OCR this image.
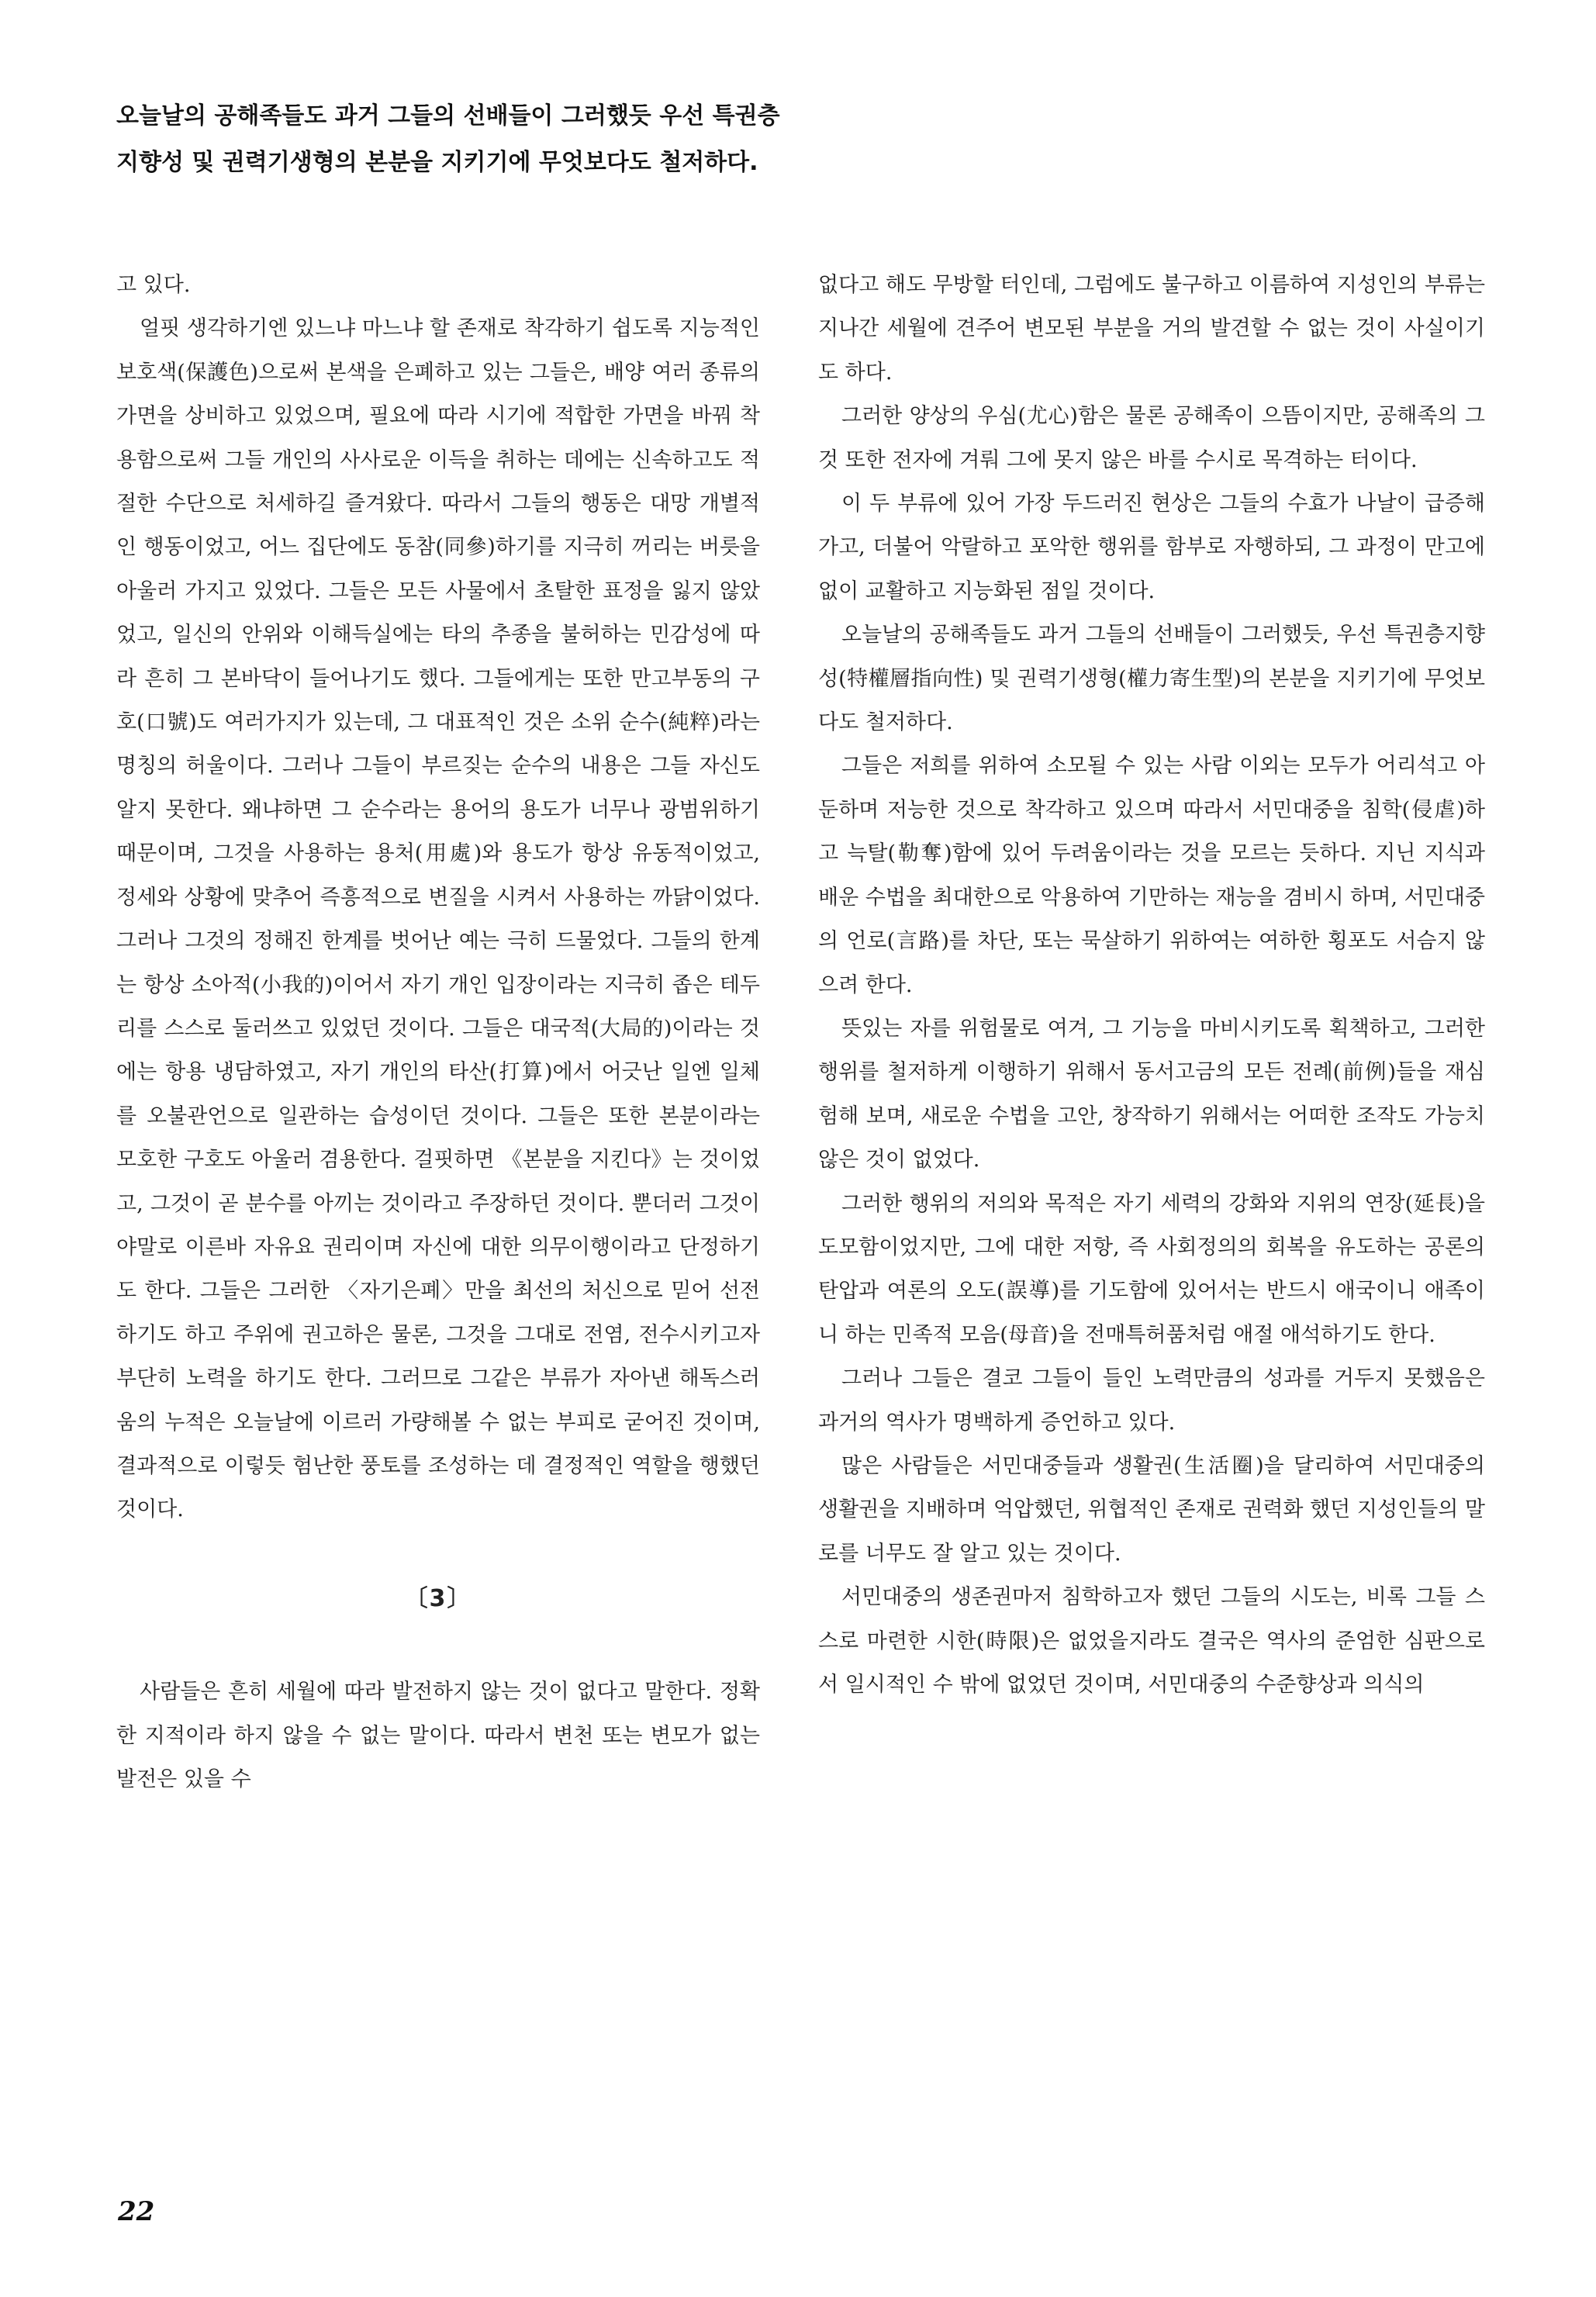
오늘날의 공해족들도 과거 그들의 선배들이 그러했듯 우선 특권층

지향성 및 권력기생형의 본분을 지키기에 무엇보다도 철저하다.

고 있다.

얼핏 생각하기엔 있느냐 마느냐 할 존재로 착각하기 쉽도록 지능적인 보호색(保護色)으로써 본색을 은폐하고 있는 그들은, 배양 여러 종류의 가면을 상비하고 있었으며, 필요에 따라 시기에 적합한 가면을 바꿔 착용함으로써 그들 개인의 사사로운 이득을 취하는 데에는 신속하고도 적절한 수단으로 처세하길 즐겨왔다. 따라서 그들의 행동은 대망 개별적인 행동이었고, 어느 집단에도 동참(同參)하기를 지극히 꺼리는 버릇을 아울러 가지고 있었다. 그들은 모든 사물에서 초탈한 표정을 잃지 않았었고, 일신의 안위와 이해득실에는 타의 추종을 불허하는 민감성에 따라 흔히 그 본바닥이 들어나기도 했다. 그들에게는 또한 만고부동의 구호(口號)도 여러가지가 있는데, 그 대표적인 것은 소위 순수(純粹)라는 명칭의 허울이다. 그러나 그들이 부르짖는 순수의 내용은 그들 자신도 알지 못한다. 왜냐하면 그 순수라는 용어의 용도가 너무나 광범위하기 때문이며, 그것을 사용하는 용처(用處)와 용도가 항상 유동적이었고, 정세와 상황에 맞추어 즉흥적으로 변질을 시켜서 사용하는 까닭이었다. 그러나 그것의 정해진 한계를 벗어난 예는 극히 드물었다. 그들의 한계는 항상 소아적(小我的)이어서 자기 개인 입장이라는 지극히 좁은 테두리를 스스로 둘러쓰고 있었던 것이다. 그들은 대국적(大局的)이라는 것에는 항용 냉담하였고, 자기 개인의 타산(打算)에서 어긋난 일엔 일체를 오불관언으로 일관하는 습성이던 것이다. 그들은 또한 본분이라는 모호한 구호도 아울러 겸용한다. 걸핏하면 《본분을 지킨다》는 것이었고, 그것이 곧 분수를 아끼는 것이라고 주장하던 것이다. 뿐더러 그것이야말로 이른바 자유요 권리이며 자신에 대한 의무이행이라고 단정하기도 한다. 그들은 그러한 〈자기은폐〉만을 최선의 처신으로 믿어 선전하기도 하고 주위에 권고하은 물론, 그것을 그대로 전염, 전수시키고자 부단히 노력을 하기도 한다. 그러므로 그같은 부류가 자아낸 해독스러움의 누적은 오늘날에 이르러 가량해볼 수 없는 부피로 굳어진 것이며, 결과적으로 이렇듯 험난한 풍토를 조성하는 데 결정적인 역할을 행했던 것이다.

〔3〕

사람들은 흔히 세월에 따라 발전하지 않는 것이 없다고 말한다. 정확한 지적이라 하지 않을 수 없는 말이다. 따라서 변천 또는 변모가 없는 발전은 있을 수

없다고 해도 무방할 터인데, 그럼에도 불구하고 이름하여 지성인의 부류는 지나간 세월에 견주어 변모된 부분을 거의 발견할 수 없는 것이 사실이기도 하다.

그러한 양상의 우심(尤心)함은 물론 공해족이 으뜸이지만, 공해족의 그것 또한 전자에 겨뤄 그에 못지 않은 바를 수시로 목격하는 터이다.

이 두 부류에 있어 가장 두드러진 현상은 그들의 수효가 나날이 급증해가고, 더불어 악랄하고 포악한 행위를 함부로 자행하되, 그 과정이 만고에 없이 교활하고 지능화된 점일 것이다.

오늘날의 공해족들도 과거 그들의 선배들이 그러했듯, 우선 특권층지향성(特權層指向性) 및 권력기생형(權力寄生型)의 본분을 지키기에 무엇보다도 철저하다.

그들은 저희를 위하여 소모될 수 있는 사람 이외는 모두가 어리석고 아둔하며 저능한 것으로 착각하고 있으며 따라서 서민대중을 침학(侵虐)하고 늑탈(勒奪)함에 있어 두려움이라는 것을 모르는 듯하다. 지닌 지식과 배운 수법을 최대한으로 악용하여 기만하는 재능을 겸비시 하며, 서민대중의 언로(言路)를 차단, 또는 묵살하기 위하여는 여하한 횡포도 서슴지 않으려 한다.

뜻있는 자를 위험물로 여겨, 그 기능을 마비시키도록 획책하고, 그러한 행위를 철저하게 이행하기 위해서 동서고금의 모든 전례(前例)들을 재심험해 보며, 새로운 수법을 고안, 창작하기 위해서는 어떠한 조작도 가능치 않은 것이 없었다.

그러한 행위의 저의와 목적은 자기 세력의 강화와 지위의 연장(延長)을 도모함이었지만, 그에 대한 저항, 즉 사회정의의 회복을 유도하는 공론의 탄압과 여론의 오도(誤導)를 기도함에 있어서는 반드시 애국이니 애족이니 하는 민족적 모음(母音)을 전매특허품처럼 애절 애석하기도 한다.

그러나 그들은 결코 그들이 들인 노력만큼의 성과를 거두지 못했음은 과거의 역사가 명백하게 증언하고 있다.

많은 사람들은 서민대중들과 생활권(生活圈)을 달리하여 서민대중의 생활권을 지배하며 억압했던, 위협적인 존재로 권력화 했던 지성인들의 말로를 너무도 잘 알고 있는 것이다.

서민대중의 생존권마저 침학하고자 했던 그들의 시도는, 비록 그들 스스로 마련한 시한(時限)은 없었을지라도 결국은 역사의 준엄한 심판으로서 일시적인 수 밖에 없었던 것이며, 서민대중의 수준향상과 의식의

22
